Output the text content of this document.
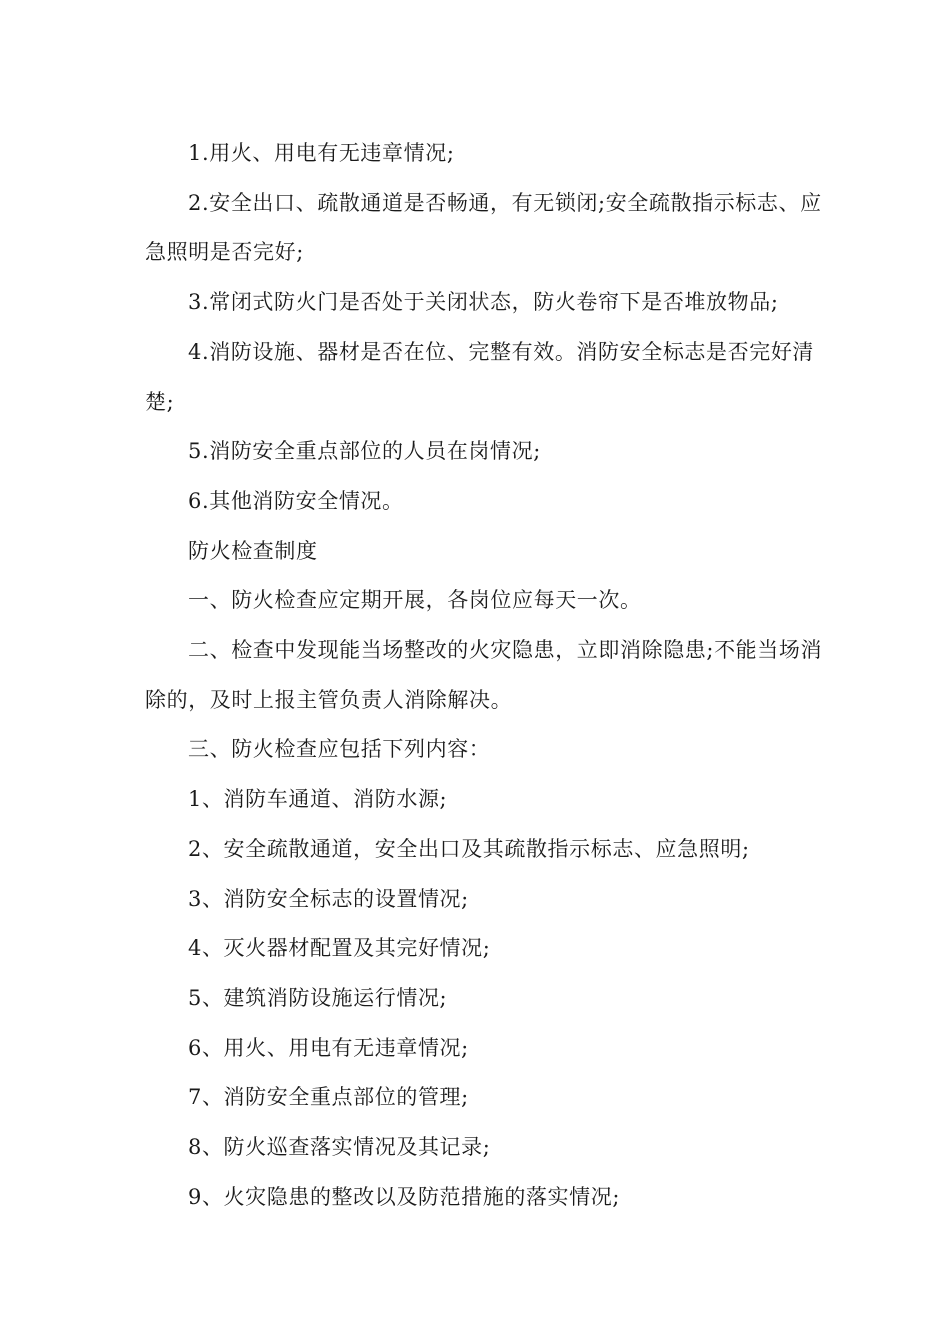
1.用火、用电有无违章情况;

2.安全出口、疏散通道是否畅通，有无锁闭;安全疏散指示标志、应急照明是否完好;

3.常闭式防火门是否处于关闭状态，防火卷帘下是否堆放物品;

4.消防设施、器材是否在位、完整有效。消防安全标志是否完好清楚;

5.消防安全重点部位的人员在岗情况;

6.其他消防安全情况。

防火检查制度

一、防火检查应定期开展，各岗位应每天一次。

二、检查中发现能当场整改的火灾隐患，立即消除隐患;不能当场消除的，及时上报主管负责人消除解决。

三、防火检查应包括下列内容：

1、消防车通道、消防水源;

2、安全疏散通道，安全出口及其疏散指示标志、应急照明;

3、消防安全标志的设置情况;

4、灭火器材配置及其完好情况;

5、建筑消防设施运行情况;

6、用火、用电有无违章情况;

7、消防安全重点部位的管理;

8、防火巡查落实情况及其记录;

9、火灾隐患的整改以及防范措施的落实情况;
